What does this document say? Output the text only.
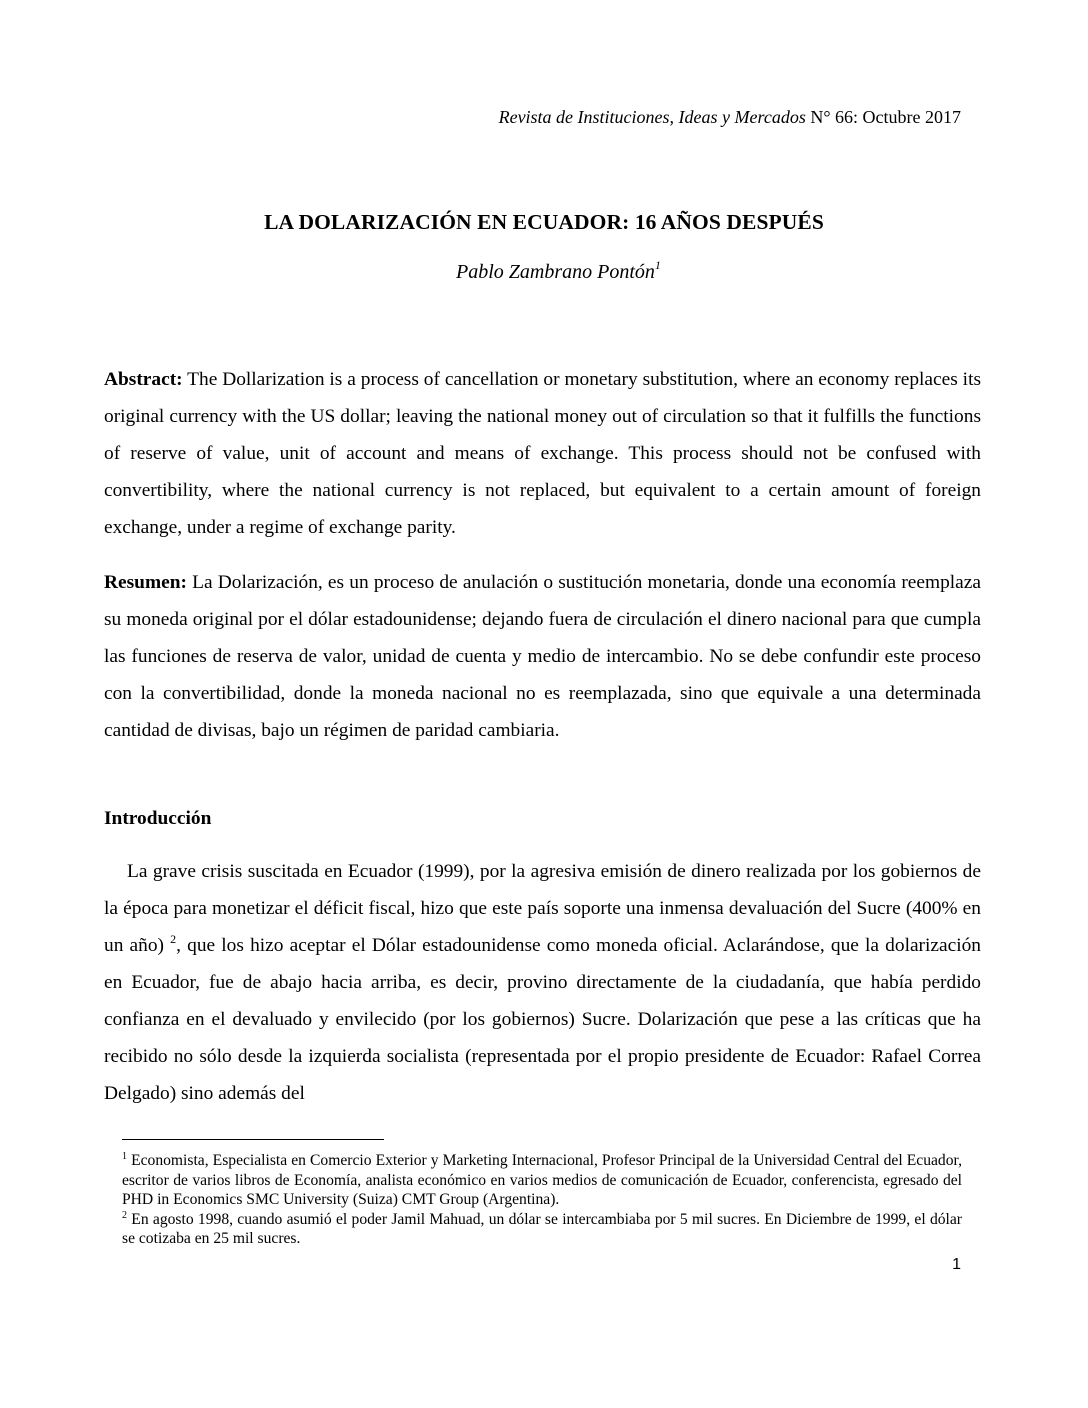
Revista de Instituciones, Ideas y Mercados N° 66: Octubre 2017
LA DOLARIZACIÓN EN ECUADOR: 16 AÑOS DESPUÉS
Pablo Zambrano Pontón$^1$

Abstract: The Dollarization is a process of cancellation or monetary substitution, where an economy replaces its original currency with the US dollar; leaving the national money out of circulation so that it fulfills the functions of reserve of value, unit of account and means of exchange. This process should not be confused with convertibility, where the national currency is not replaced, but equivalent to a certain amount of foreign exchange, under a regime of exchange parity.

Resumen: La Dolarización, es un proceso de anulación o sustitución monetaria, donde una economía reemplaza su moneda original por el dólar estadounidense; dejando fuera de circulación el dinero nacional para que cumpla las funciones de reserva de valor, unidad de cuenta y medio de intercambio. No se debe confundir este proceso con la convertibilidad, donde la moneda nacional no es reemplazada, sino que equivale a una determinada cantidad de divisas, bajo un régimen de paridad cambiaria.

Introducción

La grave crisis suscitada en Ecuador (1999), por la agresiva emisión de dinero realizada por los gobiernos de la época para monetizar el déficit fiscal, hizo que este país soporte una inmensa devaluación del Sucre (400% en un año) $^2$, que los hizo aceptar el Dólar estadounidense como moneda oficial. Aclarándose, que la dolarización en Ecuador, fue de abajo hacia arriba, es decir, provino directamente de la ciudadanía, que había perdido confianza en el devaluado y envilecido (por los gobiernos) Sucre. Dolarización que pese a las críticas que ha recibido no sólo desde la izquierda socialista (representada por el propio presidente de Ecuador: Rafael Correa Delgado) sino además del

$^1$ Economista, Especialista en Comercio Exterior y Marketing Internacional, Profesor Principal de la Universidad Central del Ecuador, escritor de varios libros de Economía, analista económico en varios medios de comunicación de Ecuador, conferencista, egresado del PHD in Economics SMC University (Suiza) CMT Group (Argentina).

$^2$ En agosto 1998, cuando asumió el poder Jamil Mahuad, un dólar se intercambiaba por 5 mil sucres. En Diciembre de 1999, el dólar se cotizaba en 25 mil sucres.

1
